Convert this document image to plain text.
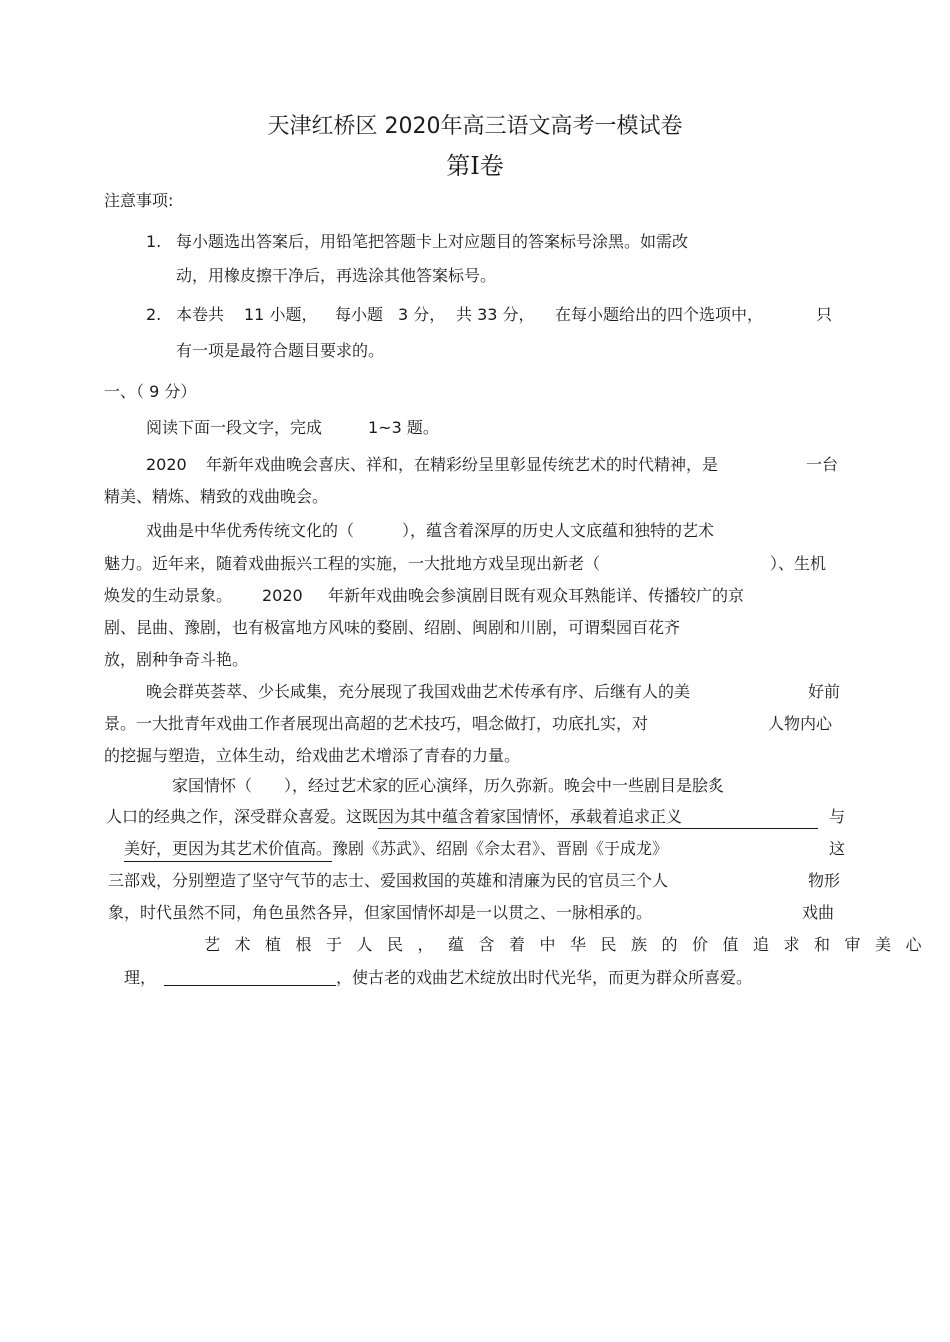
天津红桥区 2020年高三语文高考一模试卷
第Ⅰ卷
注意事项:
1. 每小题选出答案后，用铅笔把答题卡上对应题目的答案标号涂黑。如需改
动，用橡皮擦干净后，再选涂其他答案标号。
2. 本卷共 11 小题， 每小题 3 分， 共 33 分， 在每小题给出的四个选项中，	只
有一项是最符合题目要求的。
一、（ 9 分）
阅读下面一段文字，完成	1~3 题。
2020 年新年戏曲晚会喜庆、祥和，在精彩纷呈里彰显传统艺术的时代精神，是	一台
精美、精炼、精致的戏曲晚会。
戏曲是中华优秀传统文化的（　　　），蕴含着深厚的历史人文底蕴和独特的艺术
魅力。近年来，随着戏曲振兴工程的实施，一大批地方戏呈现出新老（	）、生机
焕发的生动景象。 2020 年新年戏曲晚会参演剧目既有观众耳熟能详、传播较广的京
剧、昆曲、豫剧，也有极富地方风味的婺剧、绍剧、闽剧和川剧，可谓梨园百花齐
放，剧种争奇斗艳。
晚会群英荟萃、少长咸集，充分展现了我国戏曲艺术传承有序、后继有人的美	好前
景。一大批青年戏曲工作者展现出高超的艺术技巧，唱念做打，功底扎实，对	人物内心
的挖掘与塑造，立体生动，给戏曲艺术增添了青春的力量。
家国情怀（　　），经过艺术家的匠心演绎，历久弥新。晚会中一些剧目是脍炙
人口的经典之作，深受群众喜爱。这既因为其中蕴含着家国情怀，承载着追求正义	与
美好，更因为其艺术价值高。豫剧《苏武》、绍剧《佘太君》、晋剧《于成龙》	这
三部戏，分别塑造了坚守气节的志士、爱国救国的英雄和清廉为民的官员三个人	物形
象，时代虽然不同，角色虽然各异，但家国情怀却是一以贯之、一脉相承的。	戏曲
艺术植根于人民，蕴含着中华民族的价值追求和审美心
理，	，使古老的戏曲艺术绽放出时代光华，而更为群众所喜爱。
